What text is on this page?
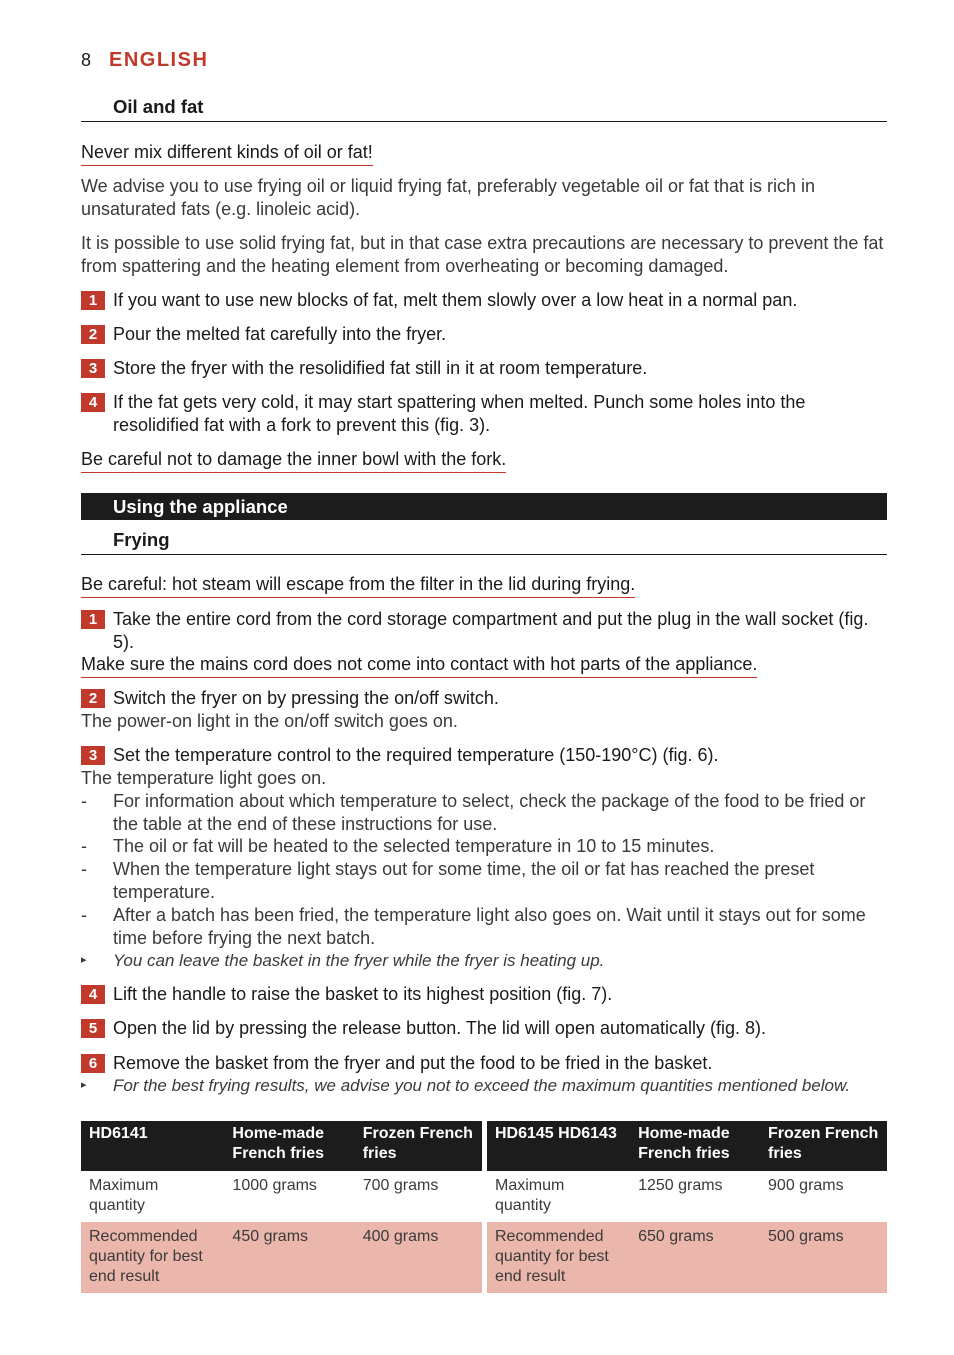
8 ENGLISH
Oil and fat
Never mix different kinds of oil or fat!
We advise you to use frying oil or liquid frying fat, preferably vegetable oil or fat that is rich in unsaturated fats (e.g. linoleic acid).
It is possible to use solid frying fat, but in that case extra precautions are necessary to prevent the fat from spattering and the heating element from overheating or becoming damaged.
1 If you want to use new blocks of fat, melt them slowly over a low heat in a normal pan.
2 Pour the melted fat carefully into the fryer.
3 Store the fryer with the resolidified fat still in it at room temperature.
4 If the fat gets very cold, it may start spattering when melted. Punch some holes into the resolidified fat with a fork to prevent this (fig. 3).
Be careful not to damage the inner bowl with the fork.
Using the appliance
Frying
Be careful: hot steam will escape from the filter in the lid during frying.
1 Take the entire cord from the cord storage compartment and put the plug in the wall socket (fig. 5).
Make sure the mains cord does not come into contact with hot parts of the appliance.
2 Switch the fryer on by pressing the on/off switch.
The power-on light in the on/off switch goes on.
3 Set the temperature control to the required temperature (150-190°C) (fig. 6).
The temperature light goes on.
- For information about which temperature to select, check the package of the food to be fried or the table at the end of these instructions for use.
- The oil or fat will be heated to the selected temperature in 10 to 15 minutes.
- When the temperature light stays out for some time, the oil or fat has reached the preset temperature.
- After a batch has been fried, the temperature light also goes on. Wait until it stays out for some time before frying the next batch.
▸ You can leave the basket in the fryer while the fryer is heating up.
4 Lift the handle to raise the basket to its highest position (fig. 7).
5 Open the lid by pressing the release button. The lid will open automatically (fig. 8).
6 Remove the basket from the fryer and put the food to be fried in the basket.
▸ For the best frying results, we advise you not to exceed the maximum quantities mentioned below.
HD6141	Home-made French fries	Frozen French fries
Maximum quantity	1000 grams	700 grams
Recommended quantity for best end result	450 grams	400 grams
HD6145 HD6143	Home-made French fries	Frozen French fries
Maximum quantity	1250 grams	900 grams
Recommended quantity for best end result	650 grams	500 grams
